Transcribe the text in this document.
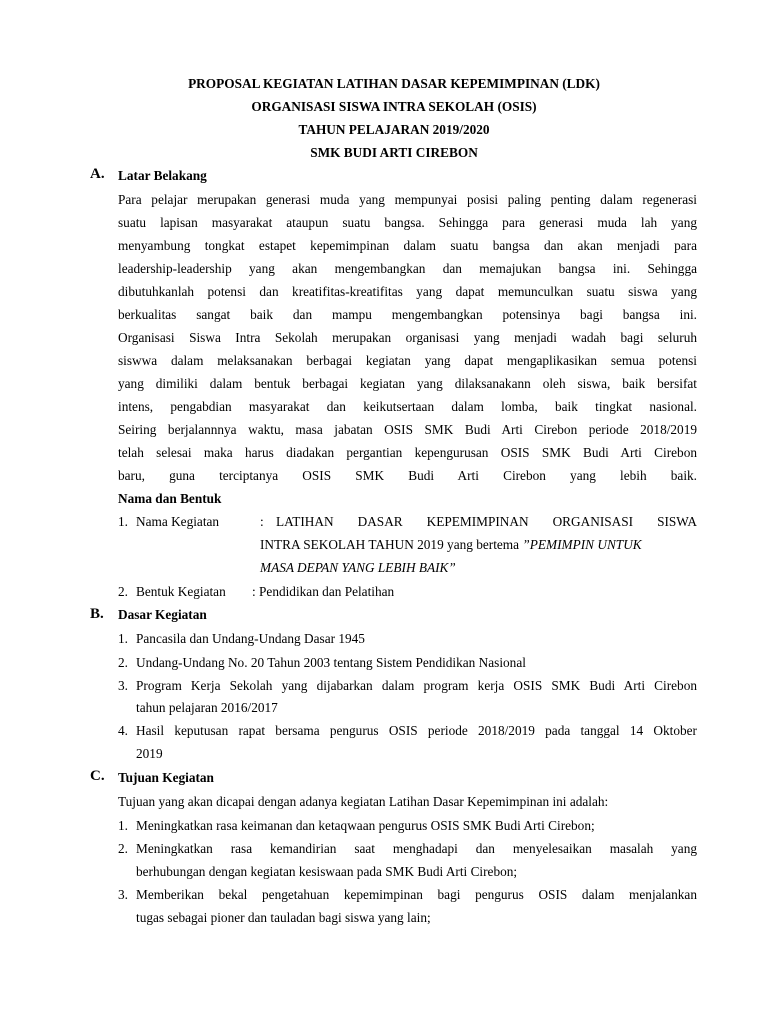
PROPOSAL KEGIATAN LATIHAN DASAR KEPEMIMPINAN (LDK)
ORGANISASI SISWA INTRA SEKOLAH (OSIS)
TAHUN PELAJARAN 2019/2020
SMK BUDI ARTI CIREBON
A. Latar Belakang
Para pelajar merupakan generasi muda yang mempunyai posisi paling penting dalam regenerasi
suatu lapisan masyarakat ataupun suatu bangsa. Sehingga para generasi muda lah yang
menyambung tongkat estapet kepemimpinan dalam suatu bangsa dan akan menjadi para
leadership-leadership yang akan mengembangkan dan memajukan bangsa ini. Sehingga
dibutuhkanlah potensi dan kreatifitas-kreatifitas yang dapat memunculkan suatu siswa yang
berkualitas sangat baik dan mampu mengembangkan potensinya bagi bangsa ini.
Organisasi Siswa Intra Sekolah merupakan organisasi yang menjadi wadah bagi seluruh
siswwa dalam melaksanakan berbagai kegiatan yang dapat mengaplikasikan semua potensi
yang dimiliki dalam bentuk berbagai kegiatan yang dilaksanakann oleh siswa, baik bersifat
intens, pengabdian masyarakat dan keikutsertaan dalam lomba, baik tingkat nasional.
Seiring berjalannnya waktu, masa jabatan OSIS SMK Budi Arti Cirebon periode 2018/2019
telah selesai maka harus diadakan pergantian kepengurusan OSIS SMK Budi Arti Cirebon
baru, guna terciptanya OSIS SMK Budi Arti Cirebon yang lebih baik.
Nama dan Bentuk
1. Nama Kegiatan	: LATIHAN DASAR KEPEMIMPINAN ORGANISASI SISWA
INTRA SEKOLAH TAHUN 2019 yang bertema ”PEMIMPIN UNTUK
MASA DEPAN YANG LEBIH BAIK”
2. Bentuk Kegiatan : Pendidikan dan Pelatihan
B. Dasar Kegiatan
1. Pancasila dan Undang-Undang Dasar 1945
2. Undang-Undang No. 20 Tahun 2003 tentang Sistem Pendidikan Nasional
3. Program Kerja Sekolah yang dijabarkan dalam program kerja OSIS SMK Budi Arti Cirebon
tahun pelajaran 2016/2017
4. Hasil keputusan rapat bersama pengurus OSIS periode 2018/2019 pada tanggal 14 Oktober
2019
C. Tujuan Kegiatan
Tujuan yang akan dicapai dengan adanya kegiatan Latihan Dasar Kepemimpinan ini adalah:
1. Meningkatkan rasa keimanan dan ketaqwaan pengurus OSIS SMK Budi Arti Cirebon;
2. Meningkatkan rasa kemandirian saat menghadapi dan menyelesaikan masalah yang
berhubungan dengan kegiatan kesiswaan pada SMK Budi Arti Cirebon;
3. Memberikan bekal pengetahuan kepemimpinan bagi pengurus OSIS dalam menjalankan
tugas sebagai pioner dan tauladan bagi siswa yang lain;
